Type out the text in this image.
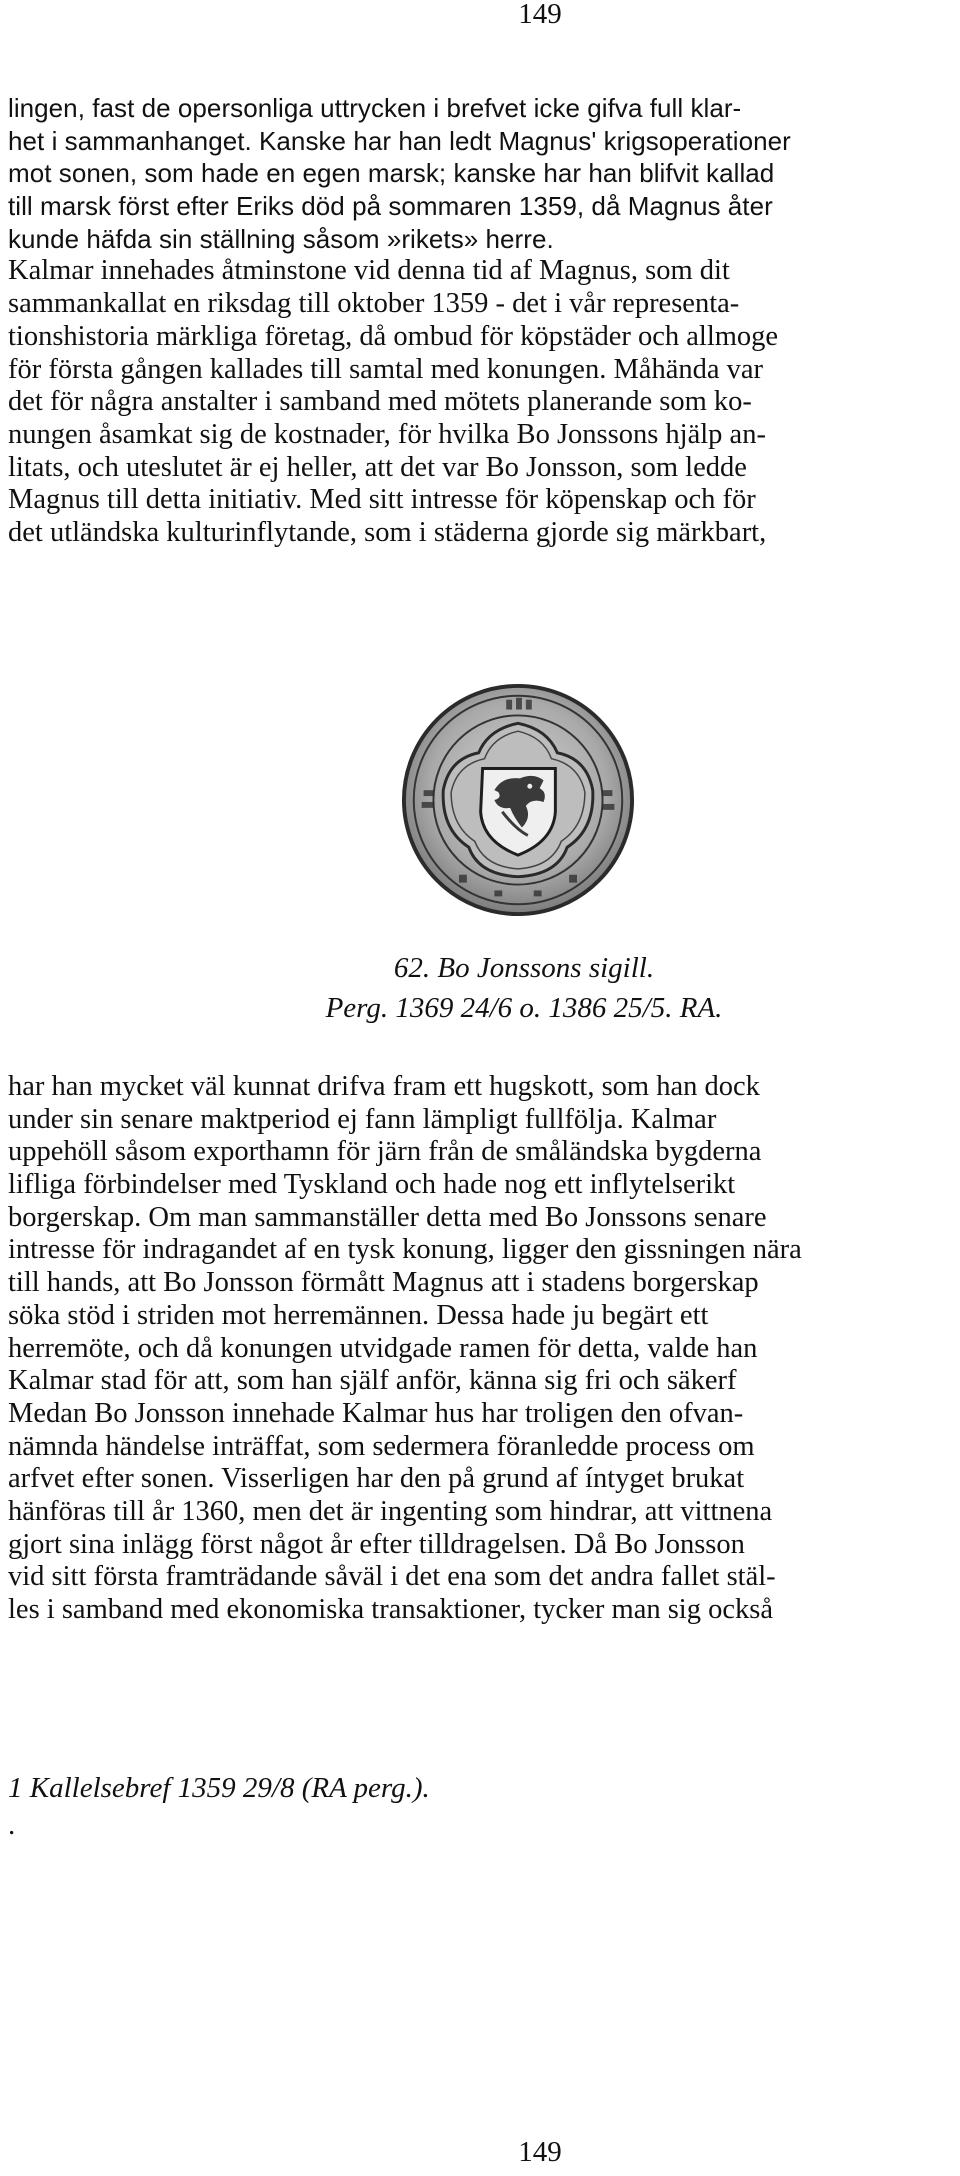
149
lingen, fast de opersonliga uttrycken i brefvet icke gifva full klar-
het i sammanhanget. Kanske har han ledt Magnus' krigsoperationer
mot sonen, som hade en egen marsk; kanske har han blifvit kallad
till marsk först efter Eriks död på sommaren 1359, då Magnus åter
kunde häfda sin ställning såsom »rikets» herre.
Kalmar innehades åtminstone vid denna tid af Magnus, som dit
sammankallat en riksdag till oktober 1359 - det i vår representa-
tionshistoria märkliga företag, då ombud för köpstäder och allmoge
för första gången kallades till samtal med konungen. Måhända var
det för några anstalter i samband med mötets planerande som ko-
nungen åsamkat sig de kostnader, för hvilka Bo Jonssons hjälp an-
litats, och uteslutet är ej heller, att det var Bo Jonsson, som ledde
Magnus till detta initiativ. Med sitt intresse för köpenskap och för
det utländska kulturinflytande, som i städerna gjorde sig märkbart,
62. Bo Jonssons sigill.
Perg. 1369 24/6 o. 1386 25/5. RA.
har han mycket väl kunnat drifva fram ett hugskott, som han dock
under sin senare maktperiod ej fann lämpligt fullfölja. Kalmar
uppehöll såsom exporthamn för järn från de småländska bygderna
lifliga förbindelser med Tyskland och hade nog ett inflytelserikt
borgerskap. Om man sammanställer detta med Bo Jonssons senare
intresse för indragandet af en tysk konung, ligger den gissningen nära
till hands, att Bo Jonsson förmått Magnus att i stadens borgerskap
söka stöd i striden mot herremännen. Dessa hade ju begärt ett
herremöte, och då konungen utvidgade ramen för detta, valde han
Kalmar stad för att, som han själf anför, känna sig fri och säkerf
Medan Bo Jonsson innehade Kalmar hus har troligen den ofvan-
nämnda händelse inträffat, som sedermera föranledde process om
arfvet efter sonen. Visserligen har den på grund af íntyget brukat
hänföras till år 1360, men det är ingenting som hindrar, att vittnena
gjort sina inlägg först något år efter tilldragelsen. Då Bo Jonsson
vid sitt första framträdande såväl i det ena som det andra fallet stäl-
les i samband med ekonomiska transaktioner, tycker man sig också
1 Kallelsebref 1359 29/8 (RA perg.).
.
149
